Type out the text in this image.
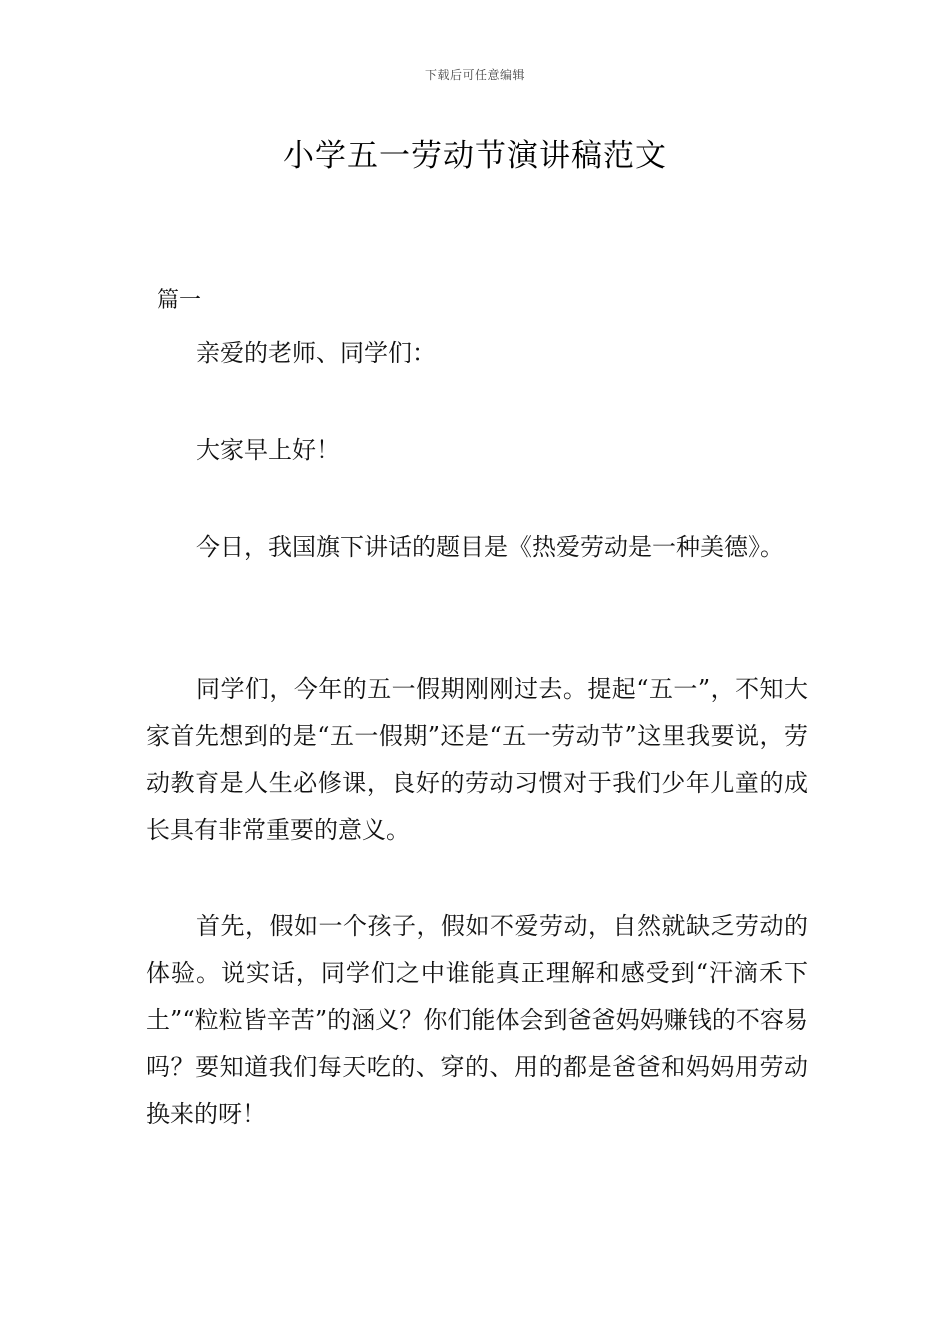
下载后可任意编辑
小学五一劳动节演讲稿范文
篇一

亲爱的老师、同学们：

大家早上好！

今日，我国旗下讲话的题目是《热爱劳动是一种美德》。

同学们，今年的五一假期刚刚过去。提起“五一”，不知大家首先想到的是“五一假期”还是“五一劳动节”这里我要说，劳动教育是人生必修课，良好的劳动习惯对于我们少年儿童的成长具有非常重要的意义。

首先，假如一个孩子，假如不爱劳动，自然就缺乏劳动的体验。说实话，同学们之中谁能真正理解和感受到“汗滴禾下土”“粒粒皆辛苦”的涵义？你们能体会到爸爸妈妈赚钱的不容易吗？要知道我们每天吃的、穿的、用的都是爸爸和妈妈用劳动换来的呀！
